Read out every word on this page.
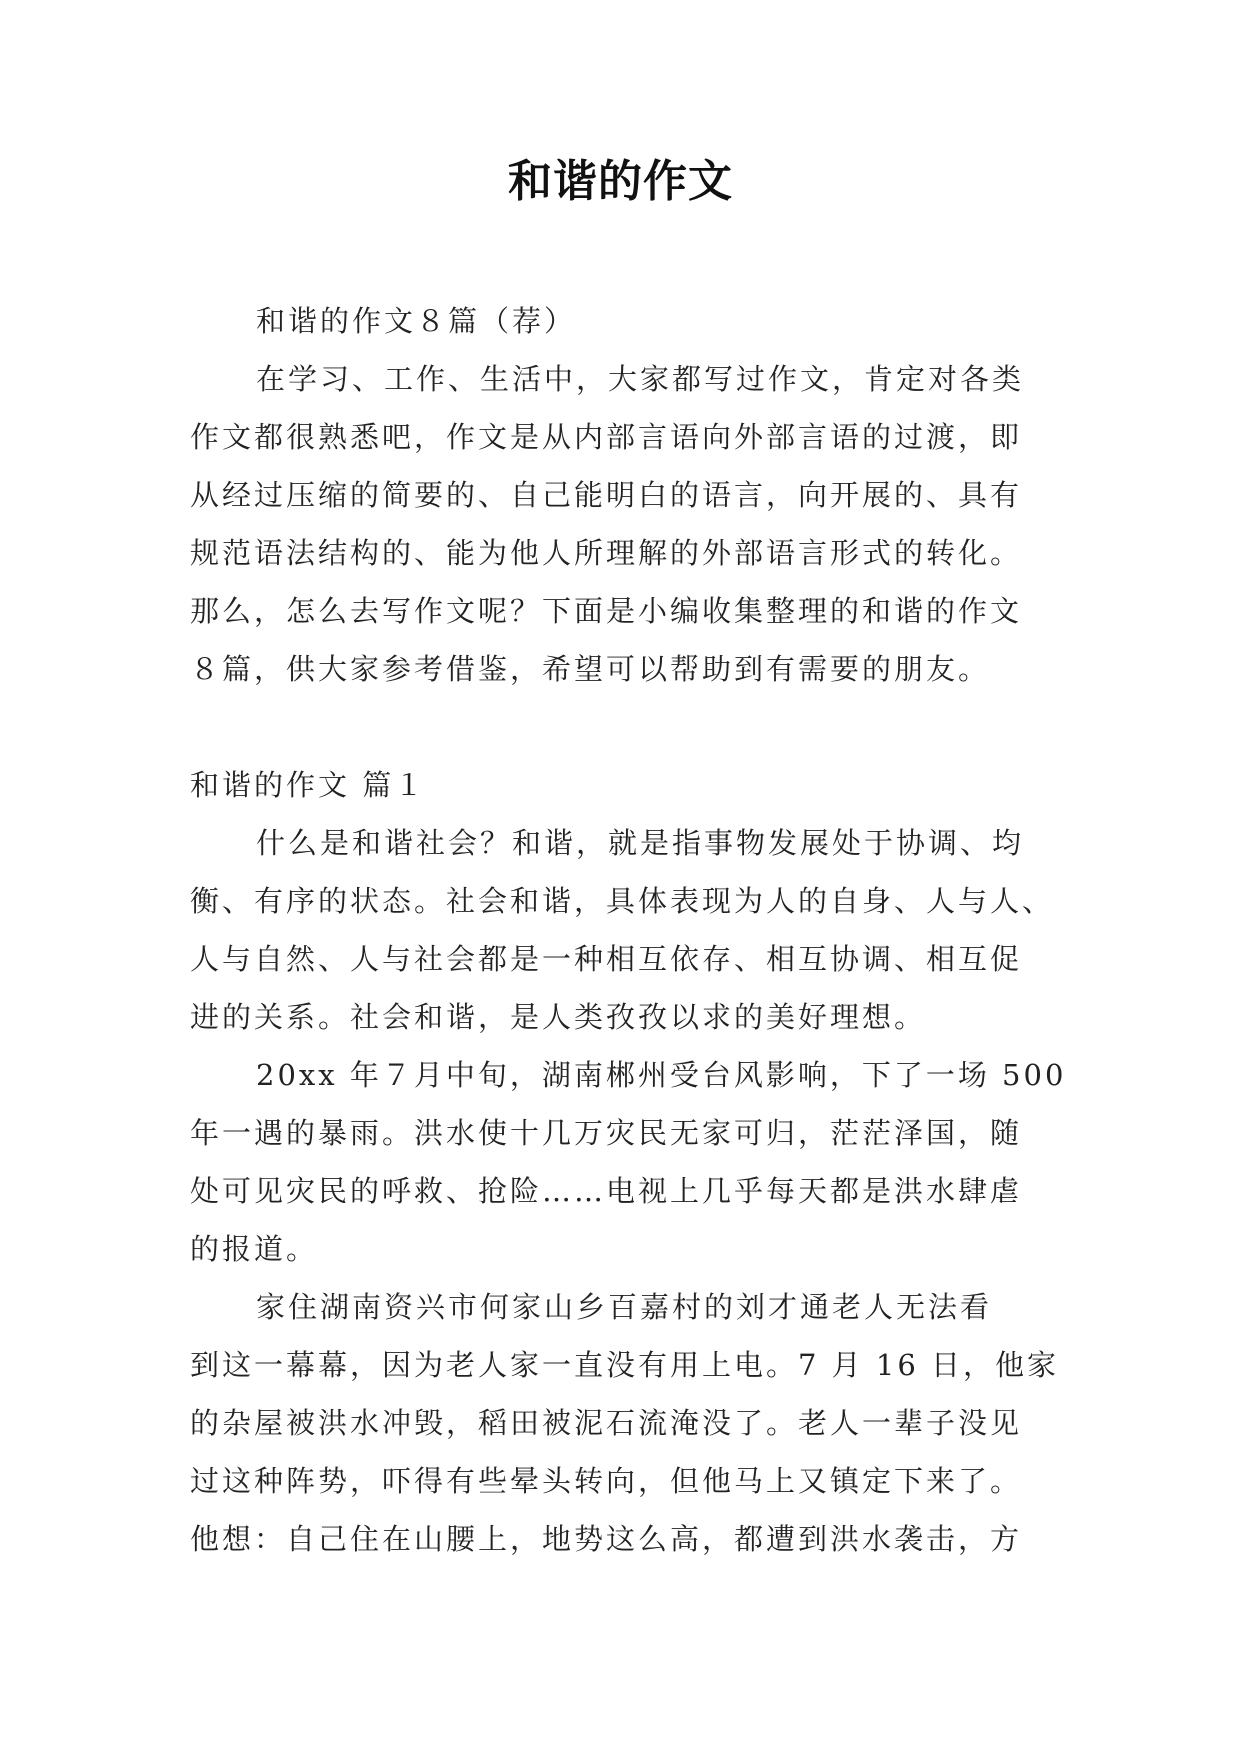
和谐的作文
和谐的作文８篇（荐）
在学习、工作、生活中，大家都写过作文，肯定对各类
作文都很熟悉吧，作文是从内部言语向外部言语的过渡，即
从经过压缩的简要的、自己能明白的语言，向开展的、具有
规范语法结构的、能为他人所理解的外部语言形式的转化。
那么，怎么去写作文呢？下面是小编收集整理的和谐的作文
８篇，供大家参考借鉴，希望可以帮助到有需要的朋友。
和谐的作文 篇１
什么是和谐社会？和谐，就是指事物发展处于协调、均
衡、有序的状态。社会和谐，具体表现为人的自身、人与人、
人与自然、人与社会都是一种相互依存、相互协调、相互促
进的关系。社会和谐，是人类孜孜以求的美好理想。
20xx 年７月中旬，湖南郴州受台风影响，下了一场 500
年一遇的暴雨。洪水使十几万灾民无家可归，茫茫泽国，随
处可见灾民的呼救、抢险……电视上几乎每天都是洪水肆虐
的报道。
家住湖南资兴市何家山乡百嘉村的刘才通老人无法看
到这一幕幕，因为老人家一直没有用上电。7 月 16 日，他家
的杂屋被洪水冲毁，稻田被泥石流淹没了。老人一辈子没见
过这种阵势，吓得有些晕头转向，但他马上又镇定下来了。
他想：自己住在山腰上，地势这么高，都遭到洪水袭击，方
